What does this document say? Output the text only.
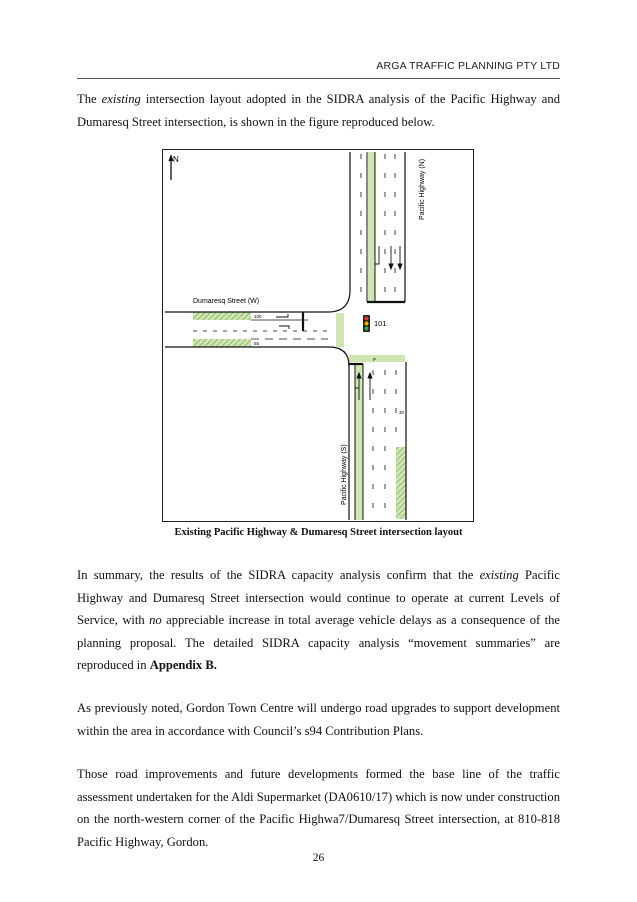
ARGA TRAFFIC PLANNING PTY LTD

The existing intersection layout adopted in the SIDRA analysis of the Pacific Highway and Dumaresq Street intersection, is shown in the figure reproduced below.

N
100
55
Dumaresq Street (W)
30
P
101
Pacific Highway (N)
Pacific Highway (S)
Existing Pacific Highway & Dumaresq Street intersection layout

In summary, the results of the SIDRA capacity analysis confirm that the existing Pacific Highway and Dumaresq Street intersection would continue to operate at current Levels of Service, with no appreciable increase in total average vehicle delays as a consequence of the planning proposal. The detailed SIDRA capacity analysis “movement summaries” are reproduced in Appendix B.

As previously noted, Gordon Town Centre will undergo road upgrades to support development within the area in accordance with Council’s s94 Contribution Plans.

Those road improvements and future developments formed the base line of the traffic assessment undertaken for the Aldi Supermarket (DA0610/17) which is now under construction on the north-western corner of the Pacific Highwa7/Dumaresq Street intersection, at 810-818 Pacific Highway, Gordon.

26
